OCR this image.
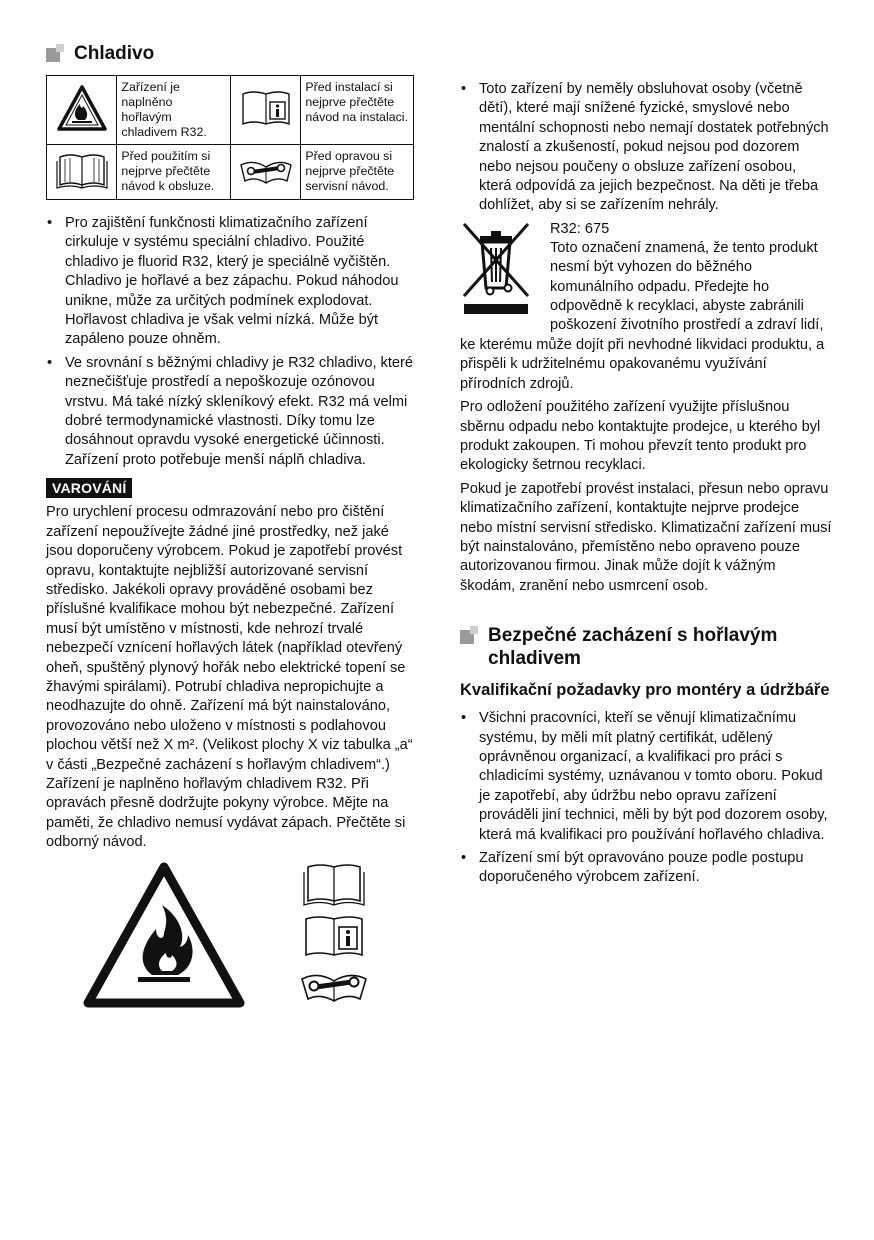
Chladivo
	Zařízení je naplněno hořlavým chladivem R32.		Před instalací si nejprve přečtěte návod na instalaci.
	Před použitím si nejprve přečtěte návod k obsluze.		Před opravou si nejprve přečtěte servisní návod.
• Pro zajištění funkčnosti klimatizačního zařízení cirkuluje v systému speciální chladivo. Použité chladivo je fluorid R32, který je speciálně vyčištěn. Chladivo je hořlavé a bez zápachu. Pokud náhodou unikne, může za určitých podmínek explodovat. Hořlavost chladiva je však velmi nízká. Může být zapáleno pouze ohněm.
• Ve srovnání s běžnými chladivy je R32 chladivo, které neznečišťuje prostředí a nepoškozuje ozónovou vrstvu. Má také nízký skleníkový efekt. R32 má velmi dobré termodynamické vlastnosti. Díky tomu lze dosáhnout opravdu vysoké energetické účinnosti. Zařízení proto potřebuje menší náplň chladiva.
VAROVÁNÍ

Pro urychlení procesu odmrazování nebo pro čištění zařízení nepoužívejte žádné jiné prostředky, než jaké jsou doporučeny výrobcem. Pokud je zapotřebí provést opravu, kontaktujte nejbližší autorizované servisní středisko. Jakékoli opravy prováděné osobami bez příslušné kvalifikace mohou být nebezpečné. Zařízení musí být umístěno v místnosti, kde nehrozí trvalé nebezpečí vznícení hořlavých látek (například otevřený oheň, spuštěný plynový hořák nebo elektrické topení se žhavými spirálami). Potrubí chladiva nepropichujte a neodhazujte do ohně. Zařízení má být nainstalováno, provozováno nebo uloženo v místnosti s podlahovou plochou větší než X m². (Velikost plochy X viz tabulka „a“ v části „Bezpečné zacházení s hořlavým chladivem“.) Zařízení je naplněno hořlavým chladivem R32. Při opravách přesně dodržujte pokyny výrobce. Mějte na paměti, že chladivo nemusí vydávat zápach. Přečtěte si odborný návod.

• Toto zařízení by neměly obsluhovat osoby (včetně dětí), které mají snížené fyzické, smyslové nebo mentální schopnosti nebo nemají dostatek potřebných znalostí a zkušeností, pokud nejsou pod dozorem nebo nejsou poučeny o obsluze zařízení osobou, která odpovídá za jejich bezpečnost. Na děti je třeba dohlížet, aby si se zařízením nehrály.

R32: 675

Toto označení znamená, že tento produkt nesmí být vyhozen do běžného komunálního odpadu. Předejte ho odpovědně k recyklaci, abyste zabránili poškození životního prostředí a zdraví lidí, ke kterému může dojít při nevhodné likvidaci produktu, a přispěli k udržitelnému opakovanému využívání přírodních zdrojů.

Pro odložení použitého zařízení využijte příslušnou sběrnu odpadu nebo kontaktujte prodejce, u kterého byl produkt zakoupen. Ti mohou převzít tento produkt pro ekologicky šetrnou recyklaci.

Pokud je zapotřebí provést instalaci, přesun nebo opravu klimatizačního zařízení, kontaktujte nejprve prodejce nebo místní servisní středisko. Klimatizační zařízení musí být nainstalováno, přemístěno nebo opraveno pouze autorizovanou firmou. Jinak může dojít k vážným škodám, zranění nebo usmrcení osob.

Bezpečné zacházení s hořlavým chladivem
Kvalifikační požadavky pro montéry a údržbáře
• Všichni pracovníci, kteří se věnují klimatizačnímu systému, by měli mít platný certifikát, udělený oprávněnou organizací, a kvalifikaci pro práci s chladicími systémy, uznávanou v tomto oboru. Pokud je zapotřebí, aby údržbu nebo opravu zařízení prováděli jiní technici, měli by být pod dozorem osoby, která má kvalifikaci pro používání hořlavého chladiva.
• Zařízení smí být opravováno pouze podle postupu doporučeného výrobcem zařízení.
